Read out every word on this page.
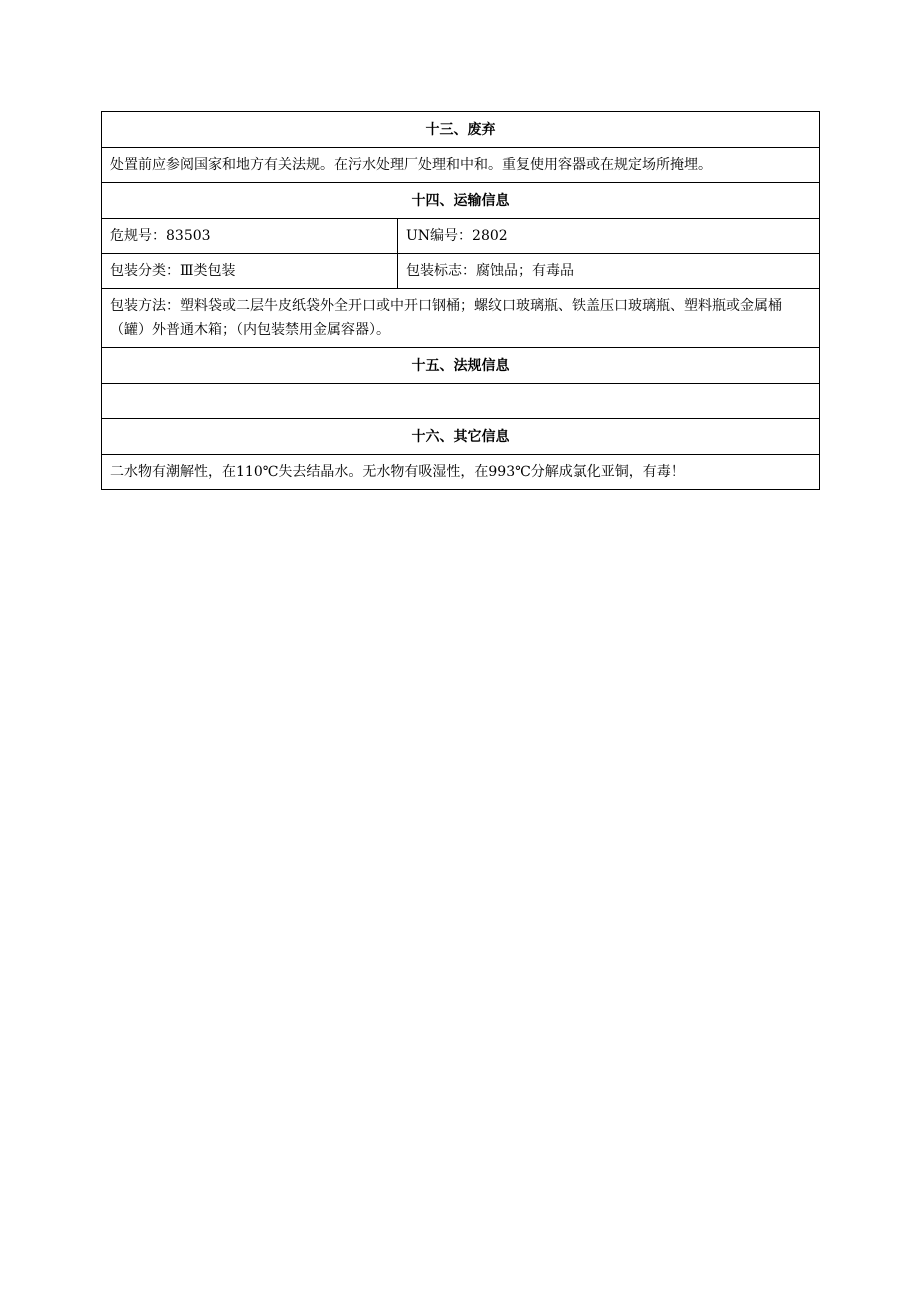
十三、废弃	
处置前应参阅国家和地方有关法规。在污水处理厂处理和中和。重复使用容器或在规定场所掩埋。	
十四、运输信息	
危规号：83503	UN编号：2802
包装分类：Ⅲ类包装	包装标志：腐蚀品；有毒品
包装方法：塑料袋或二层牛皮纸袋外全开口或中开口钢桶；螺纹口玻璃瓶、铁盖压口玻璃瓶、塑料瓶或金属桶（罐）外普通木箱；（内包装禁用金属容器）。	
十五、法规信息	

十六、其它信息	
二水物有潮解性，在110℃失去结晶水。无水物有吸湿性，在993℃分解成氯化亚铜，有毒！	
